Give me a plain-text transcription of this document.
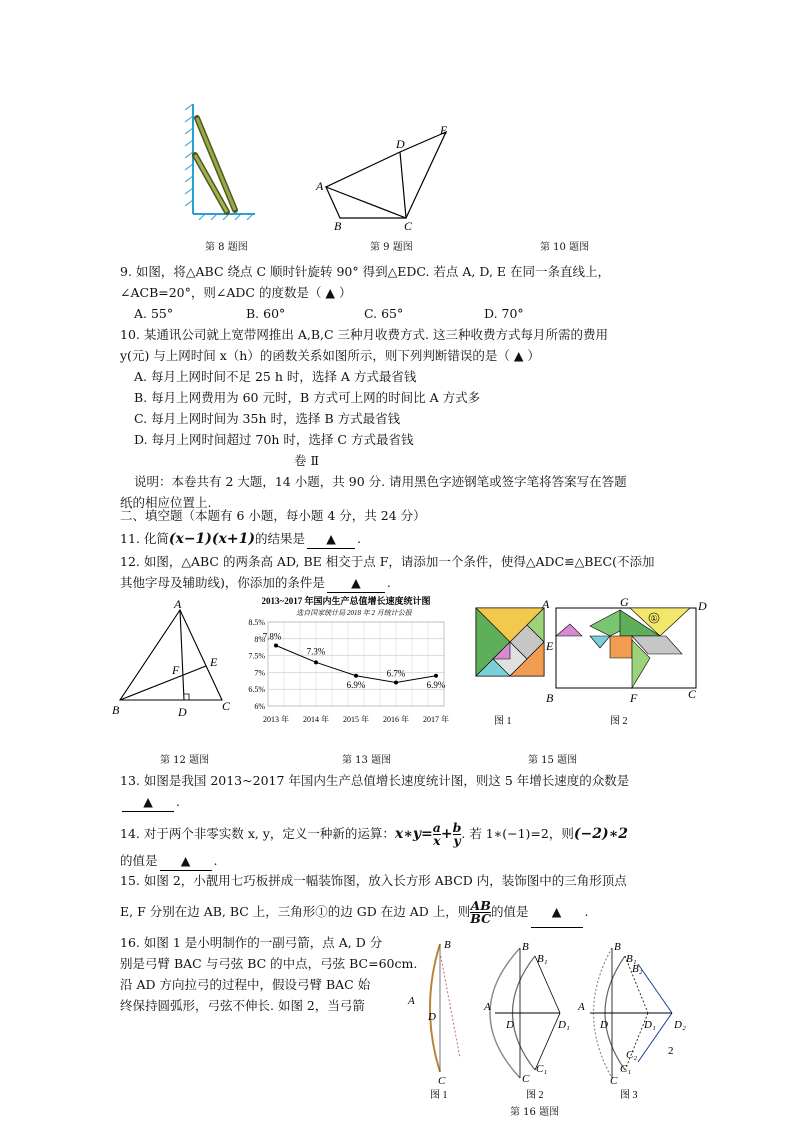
第 8 题图
A
B	C
D
E
第 9 题图	第 10 题图
9. 如图，将△ABC 绕点 C 顺时针旋转 90° 得到△EDC. 若点 A, D, E 在同一条直线上，
∠ACB=20°，则∠ADC 的度数是（ ▲ ）
A. 55°	B. 60°	C. 65°	D. 70°
10. 某通讯公司就上宽带网推出 A,B,C 三种月收费方式. 这三种收费方式每月所需的费用
y(元) 与上网时间 x（h）的函数关系如图所示，则下列判断错误的是（ ▲ ）
A. 每月上网时间不足 25 h 时，选择 A 方式最省钱
B. 每月上网费用为 60 元时，B 方式可上网的时间比 A 方式多
C. 每月上网时间为 35h 时，选择 B 方式最省钱
D. 每月上网时间超过 70h 时，选择 C 方式最省钱
卷 Ⅱ
说明：本卷共有 2 大题，14 小题，共 90 分. 请用黑色字迹钢笔或签字笔将答案写在答题
纸的相应位置上.
二、填空题（本题有 6 小题，每小题 4 分，共 24 分）
11. 化简(x−1)(x+1)的结果是 ▲ .
12. 如图，△ABC 的两条高 AD, BE 相交于点 F，请添加一个条件，使得△ADC≌△BEC(不添加
其他字母及辅助线)，你添加的条件是 ▲ .
A
E
F
B	D	C
第 12 题图
2013~2017 年国内生产总值增长速度统计图
选自国家统计局 2018 年 2 月统计公报
6%
6.5%
7%
7.5%
8%
8.5%
2013 年 2014 年 2015 年 2016 年 2017 年
7.8%
7.3%
6.9%
6.7%
6.9%
第 13 题图
①
A	G	D
E
B	F	C
图 1	图 2
第 15 题图
13. 如图是我国 2013~2017 年国内生产总值增长速度统计图，则这 5 年增长速度的众数是
▲ .
14. 对于两个非零实数 x, y，定义一种新的运算：x∗y= $\frac{a}{x} + \frac{b}{y}$ . 若 1∗(−1)=2，则(−2)∗2
的值是 ▲ .
15. 如图 2，小靓用七巧板拼成一幅装饰图，放入长方形 ABCD 内，装饰图中的三角形顶点
E, F 分别在边 AB, BC 上，三角形①的边 GD 在边 AD 上，则 $\frac{AB}{BC}$ 的值是 ▲ .
16. 如图 1 是小明制作的一副弓箭，点 A, D 分
别是弓臂 BAC 与弓弦 BC 的中点，弓弦 BC=60cm.
沿 AD 方向拉弓的过程中，假设弓臂 BAC 始
终保持圆弧形，弓弦不伸长. 如图 2，当弓箭
B
A
D
C
图 1
B
B₁
A
D	D₁
C
C₁
图 2
B
B₁
B₂
A
D	D₁ D₂
C₂
C₁
C
图 3
2
第 16 题图
